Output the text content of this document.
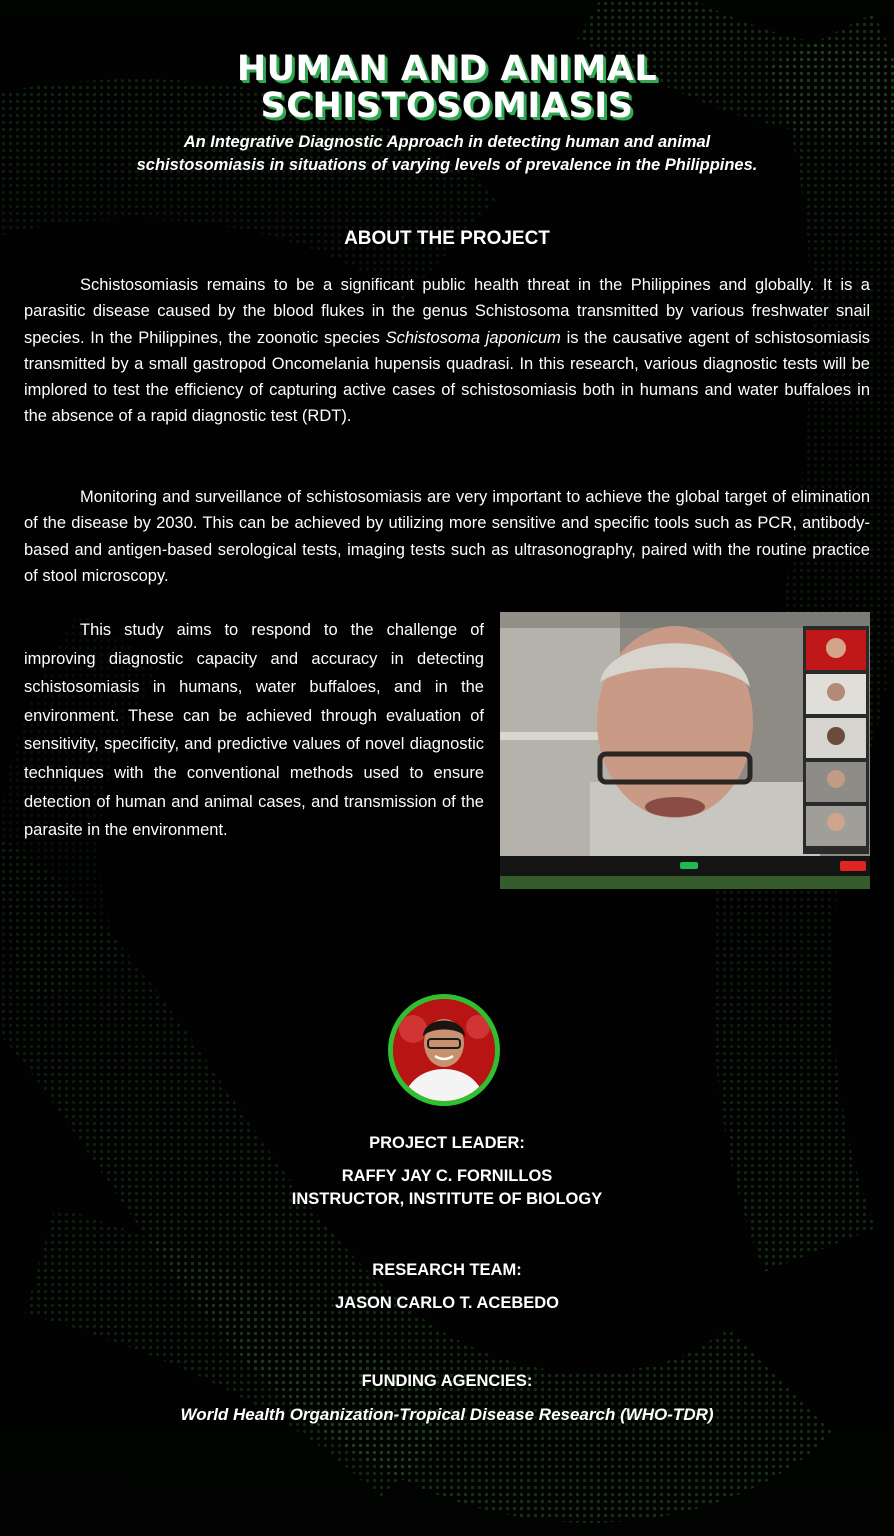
HUMAN AND ANIMAL
SCHISTOSOMIASIS
An Integrative Diagnostic Approach in detecting human and animal
schistosomiasis in situations of varying levels of prevalence in the Philippines.
ABOUT THE PROJECT

Schistosomiasis remains to be a significant public health threat in the Philippines and globally. It is a parasitic disease caused by the blood flukes in the genus Schistosoma transmitted by various freshwater snail species. In the Philippines, the zoonotic species Schistosoma japonicum is the causative agent of schistosomiasis transmitted by a small gastropod Oncomelania hupensis quadrasi. In this research, various diagnostic tests will be implored to test the efficiency of capturing active cases of schistosomiasis both in humans and water buffaloes in the absence of a rapid diagnostic test (RDT).

Monitoring and surveillance of schistosomiasis are very important to achieve the global target of elimination of the disease by 2030. This can be achieved by utilizing more sensitive and specific tools such as PCR, antibody-based and antigen-based serological tests, imaging tests such as ultrasonography, paired with the routine practice of stool microscopy.

This study aims to respond to the challenge of improving diagnostic capacity and accuracy in detecting schistosomiasis in humans, water buffaloes, and in the environment. These can be achieved through evaluation of sensitivity, specificity, and predictive values of novel diagnostic techniques with the conventional methods used to ensure detection of human and animal cases, and transmission of the parasite in the environment.

PROJECT LEADER:
RAFFY JAY C. FORNILLOS
INSTRUCTOR, INSTITUTE OF BIOLOGY
RESEARCH TEAM:
JASON CARLO T. ACEBEDO
FUNDING AGENCIES:
World Health Organization-Tropical Disease Research (WHO-TDR)
